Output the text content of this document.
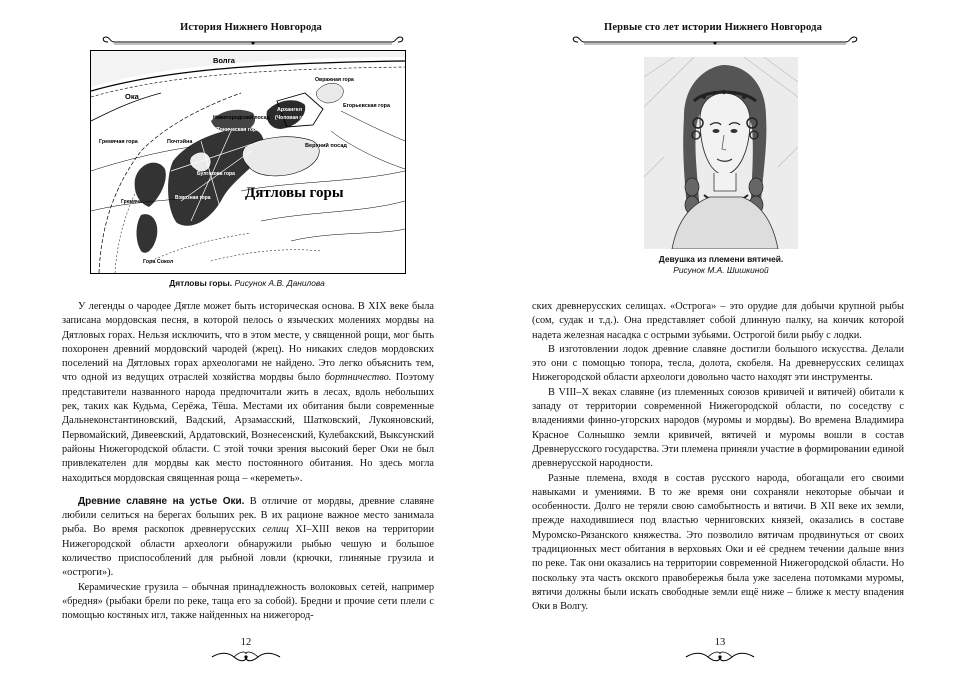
История Нижнего Новгорода
Волга
Ока
Гремячая гора	Почтэйна
Нижегородский посад
(Тоническая гора)
Архангел
(Чоповая гора)
Овражная гора
Егорьевская гора
Верхний посад
Булгакова гора
Взвозная гора
Гремяча
Гора Сокол
Дятловы горы
Дятловы горы. Рисунок А.В. Данилова

У легенды о чародее Дятле может быть историческая основа. В XIX веке была записана мордовская песня, в которой пелось о языческих молениях мордвы на Дятловых горах. Нельзя исключить, что в этом месте, у священной рощи, мог быть похоронен древний мордовский чародей (жрец). Но никаких следов мордовских поселений на Дятловых горах археологами не найдено. Это легко объяснить тем, что одной из ведущих отраслей хозяйства мордвы было бортничество. Поэтому представители названного народа предпочитали жить в лесах, вдоль небольших рек, таких как Кудьма, Серёжа, Тёша. Местами их обитания были современные Дальнеконстантиновский, Вадский, Арзамасский, Шатковский, Лукояновский, Первомайский, Дивеевский, Ардатовский, Вознесенский, Кулебакский, Выксунский районы Нижегородской области. С этой точки зрения высокий берег Оки не был привлекателен для мордвы как место постоянного обитания. Но здесь могла находиться мордовская священная роща – «кереметь».

Древние славяне на устье Оки. В отличие от мордвы, древние славяне любили селиться на берегах больших рек. В их рационе важное место занимала рыба. Во время раскопок древнерусских селищ XI–XIII веков на территории Нижегородской области археологи обнаружили рыбью чешую и большое количество приспособлений для рыбной ловли (крючки, глиняные грузила и «остроги»).

Керамические грузила – обычная принадлежность волоковых сетей, например «бредня» (рыбаки брели по реке, таща его за собой). Бредни и прочие сети плели с помощью костяных игл, также найденных на нижегород-

12
Первые сто лет истории Нижнего Новгорода
Девушка из племени вятичей.
Рисунок М.А. Шишкиной

ских древнерусских селищах. «Острога» – это орудие для добычи крупной рыбы (сом, судак и т.д.). Она представляет собой длинную палку, на кончик которой надета железная насадка с острыми зубьями. Острогой били рыбу с лодки.

В изготовлении лодок древние славяне достигли большого искусства. Делали это они с помощью топора, тесла, долота, скобеля. На древнерусских селищах Нижегородской области археологи довольно часто находят эти инструменты.

В VIII–X веках славяне (из племенных союзов кривичей и вятичей) обитали к западу от территории современной Нижегородской области, по соседству с владениями финно-угорских народов (муромы и мордвы). Во времена Владимира Красное Солнышко земли кривичей, вятичей и муромы вошли в состав Древнерусского государства. Эти племена приняли участие в формировании единой древнерусской народности.

Разные племена, входя в состав русского народа, обогащали его своими навыками и умениями. В то же время они сохраняли некоторые обычаи и особенности. Долго не теряли свою самобытность и вятичи. В XII веке их земли, прежде находившиеся под властью черниговских князей, оказались в составе Муромско-Рязанского княжества. Это позволило вятичам продвинуться от своих традиционных мест обитания в верховьях Оки и её среднем течении дальше вниз по реке. Так они оказались на территории современной Нижегородской области. Но поскольку эта часть окского правобережья была уже заселена потомками муромы, вятичи должны были искать свободные земли ещё ниже – ближе к месту впадения Оки в Волгу.

13
